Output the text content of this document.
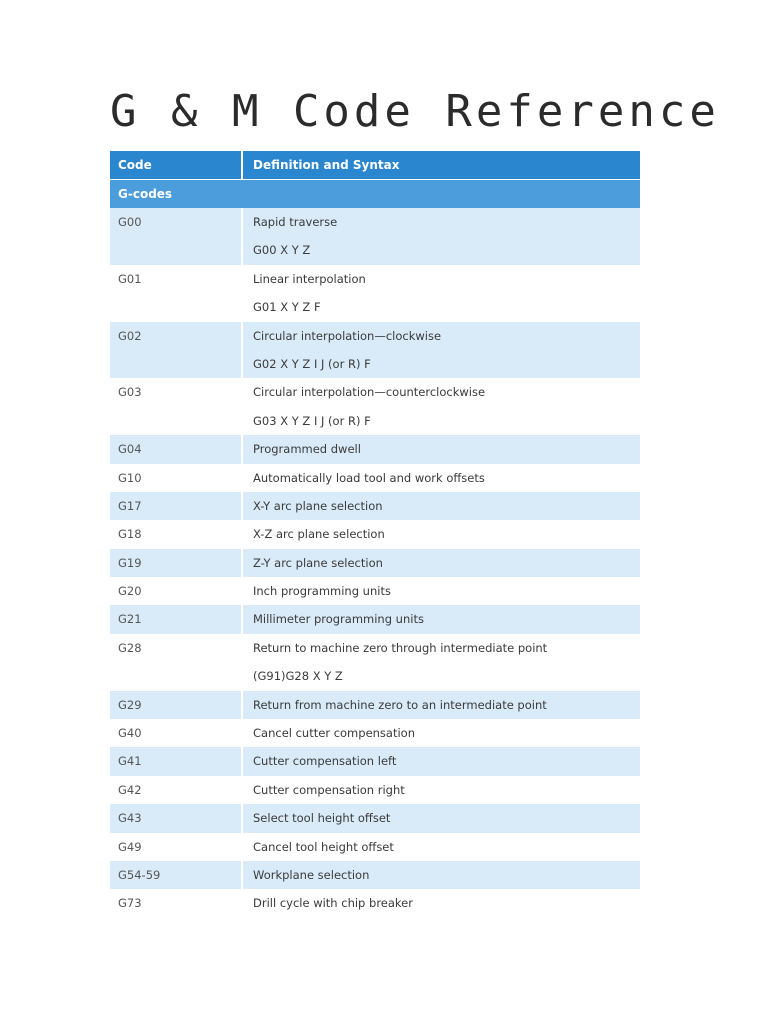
G & M Code Reference
Code	Definition and Syntax
G-codes
G00	Rapid traverse
G00 X Y Z
G01	Linear interpolation
G01 X Y Z F
G02	Circular interpolation—clockwise
G02 X Y Z I J (or R) F
G03	Circular interpolation—counterclockwise
G03 X Y Z I J (or R) F
G04	Programmed dwell
G10	Automatically load tool and work offsets
G17	X-Y arc plane selection
G18	X-Z arc plane selection
G19	Z-Y arc plane selection
G20	Inch programming units
G21	Millimeter programming units
G28	Return to machine zero through intermediate point
(G91)G28 X Y Z
G29	Return from machine zero to an intermediate point
G40	Cancel cutter compensation
G41	Cutter compensation left
G42	Cutter compensation right
G43	Select tool height offset
G49	Cancel tool height offset
G54-59	Workplane selection
G73	Drill cycle with chip breaker
